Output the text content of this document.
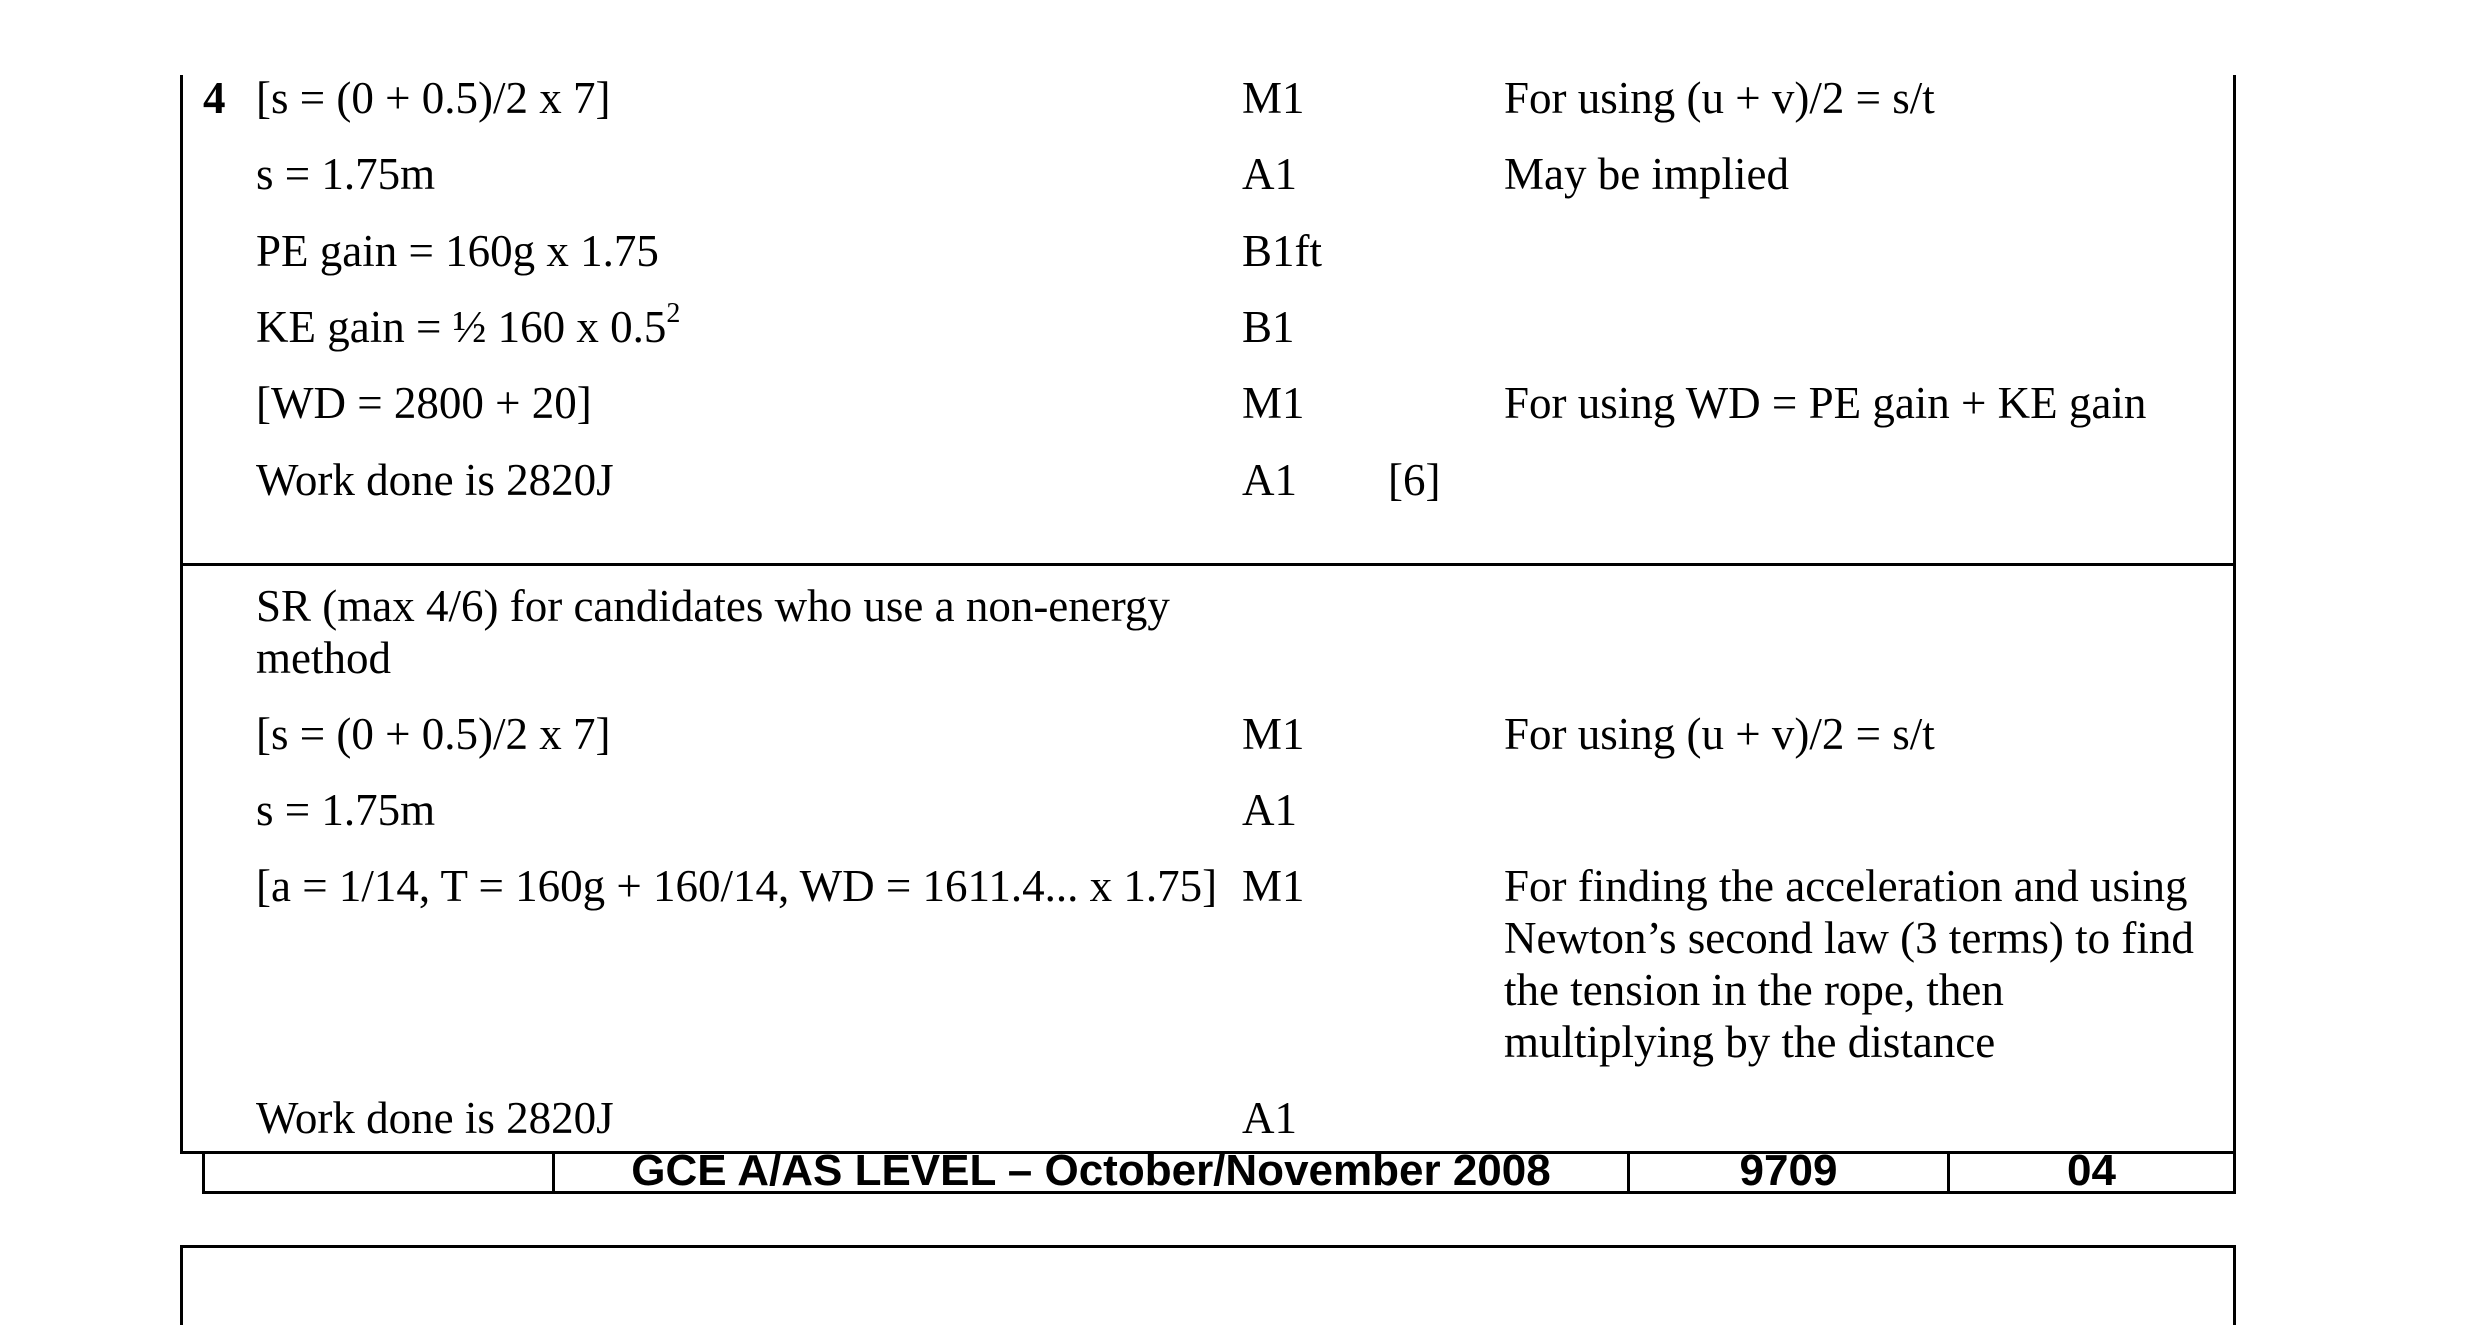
4 [s = (0 + 0.5)/2 x 7]	M1	For using (u + v)/2 = s/t
s = 1.75m	A1	May be implied
PE gain = 160g x 1.75	B1ft
KE gain = ½ 160 x $0.5^2$	B1
[WD = 2800 + 20]	M1	For using WD = PE gain + KE gain
Work done is 2820J	A1 [6]
SR (max 4/6) for candidates who use a non-energy
method
[s = (0 + 0.5)/2 x 7]	M1	For using (u + v)/2 = s/t
s = 1.75m	A1
[a = 1/14, T = 160g + 160/14, WD = 1611.4... x 1.75] M1	For finding the acceleration and using
Newton’s second law (3 terms) to find
the tension in the rope, then
multiplying by the distance
Work done is 2820J	A1
GCE A/AS LEVEL – October/November 2008	9709	04
